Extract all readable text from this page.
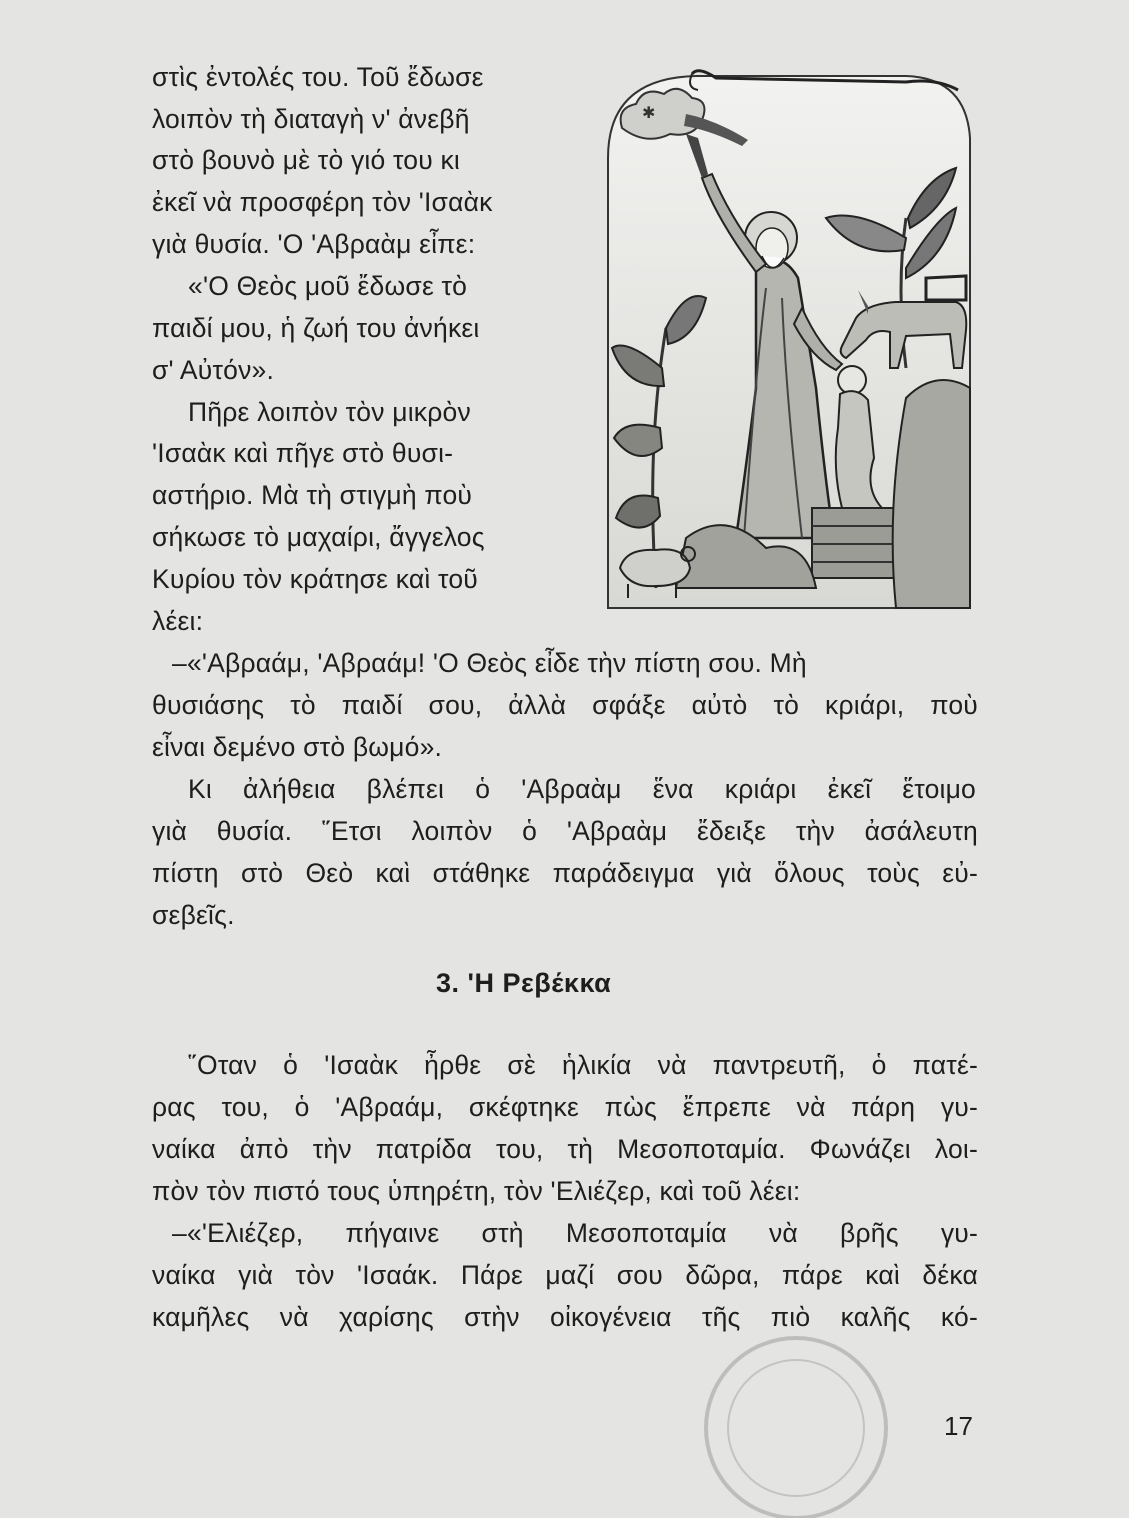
στὶς ἐντολές του. Τοῦ ἔδωσε

λοιπὸν τὴ διαταγὴ ν' ἀνεβῆ

στὸ βουνὸ μὲ τὸ γιό του κι

ἐκεῖ νὰ προσφέρη τὸν 'Ισαὰκ

γιὰ θυσία. 'Ο 'Αβραὰμ εἶπε:

«'Ο Θεὸς μοῦ ἔδωσε τὸ

παιδί μου, ἡ ζωή του ἀνήκει

σ' Αὐτόν».

Πῆρε λοιπὸν τὸν μικρὸν

'Ισαὰκ καὶ πῆγε στὸ θυσι-

αστήριο. Μὰ τὴ στιγμὴ ποὺ

σήκωσε τὸ μαχαίρι, ἄγγελος

Κυρίου τὸν κράτησε καὶ τοῦ

λέει:

✱

–«'Αβραάμ, 'Αβραάμ! 'Ο Θεὸς εἶδε τὴν πίστη σου. Μὴ

θυσιάσης τὸ παιδί σου, ἀλλὰ σφάξε αὐτὸ τὸ κριάρι, ποὺ

εἶναι δεμένο στὸ βωμό».

Κι ἀλήθεια βλέπει ὁ 'Αβραὰμ ἕνα κριάρι ἐκεῖ ἕτοιμο

γιὰ θυσία. ῞Ετσι λοιπὸν ὁ 'Αβραὰμ ἔδειξε τὴν ἀσάλευτη

πίστη στὸ Θεὸ καὶ στάθηκε παράδειγμα γιὰ ὅλους τοὺς εὐ-

σεβεῖς.

3. 'Η Ρεβέκκα

῞Οταν ὁ 'Ισαὰκ ἦρθε σὲ ἡλικία νὰ παντρευτῆ, ὁ πατέ-

ρας του, ὁ 'Αβραάμ, σκέφτηκε πὼς ἔπρεπε νὰ πάρη γυ-

ναίκα ἀπὸ τὴν πατρίδα του, τὴ Μεσοποταμία. Φωνάζει λοι-

πὸν τὸν πιστό τους ὑπηρέτη, τὸν 'Ελιέζερ, καὶ τοῦ λέει:

–«'Ελιέζερ, πήγαινε στὴ Μεσοποταμία νὰ βρῆς γυ-

ναίκα γιὰ τὸν 'Ισαάκ. Πάρε μαζί σου δῶρα, πάρε καὶ δέκα

καμῆλες νὰ χαρίσης στὴν οἰκογένεια τῆς πιὸ καλῆς κό-

17
